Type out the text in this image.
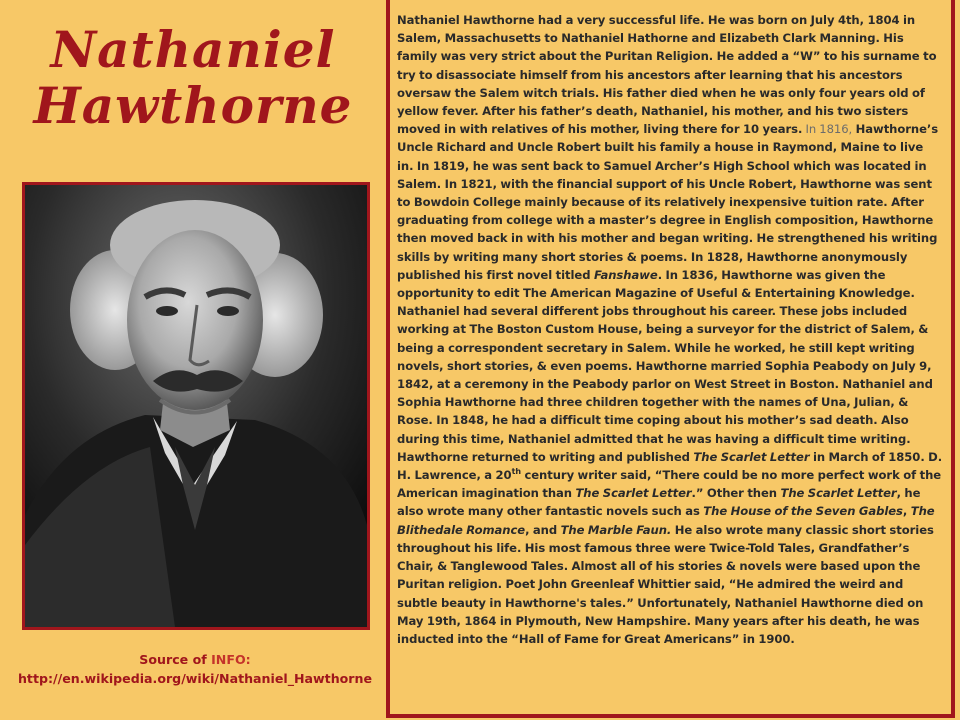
Nathaniel
Hawthorne
Source of INFO:
http://en.wikipedia.org/wiki/Nathaniel_Hawthorne

Nathaniel Hawthorne had a very successful life. He was born on July 4th, 1804 in Salem, Massachusetts to Nathaniel Hathorne and Elizabeth Clark Manning. His family was very strict about the Puritan Religion. He added a “W” to his surname to try to disassociate himself from his ancestors after learning that his ancestors oversaw the Salem witch trials. His father died when he was only four years old of yellow fever. After his father’s death, Nathaniel, his mother, and his two sisters moved in with relatives of his mother, living there for 10 years. In 1816, Hawthorne’s Uncle Richard and Uncle Robert built his family a house in Raymond, Maine to live in. In 1819, he was sent back to Samuel Archer’s High School which was located in Salem. In 1821, with the financial support of his Uncle Robert, Hawthorne was sent to Bowdoin College mainly because of its relatively inexpensive tuition rate. After graduating from college with a master’s degree in English composition, Hawthorne then moved back in with his mother and began writing. He strengthened his writing skills by writing many short stories & poems. In 1828, Hawthorne anonymously published his first novel titled Fanshawe. In 1836, Hawthorne was given the opportunity to edit The American Magazine of Useful & Entertaining Knowledge. Nathaniel had several different jobs throughout his career. These jobs included working at The Boston Custom House, being a surveyor for the district of Salem, & being a correspondent secretary in Salem. While he worked, he still kept writing novels, short stories, & even poems. Hawthorne married Sophia Peabody on July 9, 1842, at a ceremony in the Peabody parlor on West Street in Boston. Nathaniel and Sophia Hawthorne had three children together with the names of Una, Julian, & Rose. In 1848, he had a difficult time coping about his mother’s sad death. Also during this time, Nathaniel admitted that he was having a difficult time writing. Hawthorne returned to writing and published The Scarlet Letter in March of 1850. D. H. Lawrence, a 20th century writer said, “There could be no more perfect work of the American imagination than The Scarlet Letter.” Other then The Scarlet Letter, he also wrote many other fantastic novels such as The House of the Seven Gables, The Blithedale Romance, and The Marble Faun. He also wrote many classic short stories throughout his life. His most famous three were Twice-Told Tales, Grandfather’s Chair, & Tanglewood Tales. Almost all of his stories & novels were based upon the Puritan religion. Poet John Greenleaf Whittier said, “He admired the weird and subtle beauty in Hawthorne's tales.” Unfortunately, Nathaniel Hawthorne died on May 19th, 1864 in Plymouth, New Hampshire. Many years after his death, he was inducted into the “Hall of Fame for Great Americans” in 1900.
